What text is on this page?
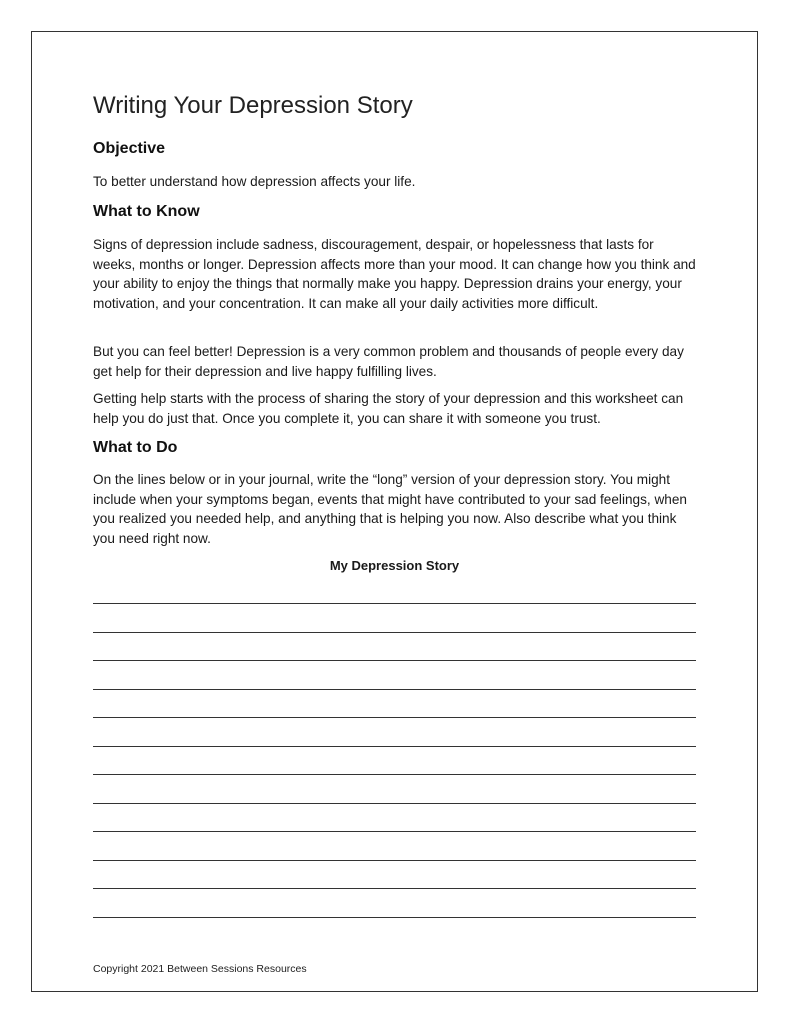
Writing Your Depression Story
Objective

To better understand how depression affects your life.

What to Know

Signs of depression include sadness, discouragement, despair, or hopelessness that lasts for weeks, months or longer. Depression affects more than your mood. It can change how you think and your ability to enjoy the things that normally make you happy. Depression drains your energy, your motivation, and your concentration. It can make all your daily activities more difficult.

But you can feel better! Depression is a very common problem and thousands of people every day get help for their depression and live happy fulfilling lives.

Getting help starts with the process of sharing the story of your depression and this worksheet can help you do just that. Once you complete it, you can share it with someone you trust.

What to Do

On the lines below or in your journal, write the “long” version of your depression story. You might include when your symptoms began, events that might have contributed to your sad feelings, when you realized you needed help, and anything that is helping you now. Also describe what you think you need right now.

My Depression Story

Copyright 2021 Between Sessions Resources
